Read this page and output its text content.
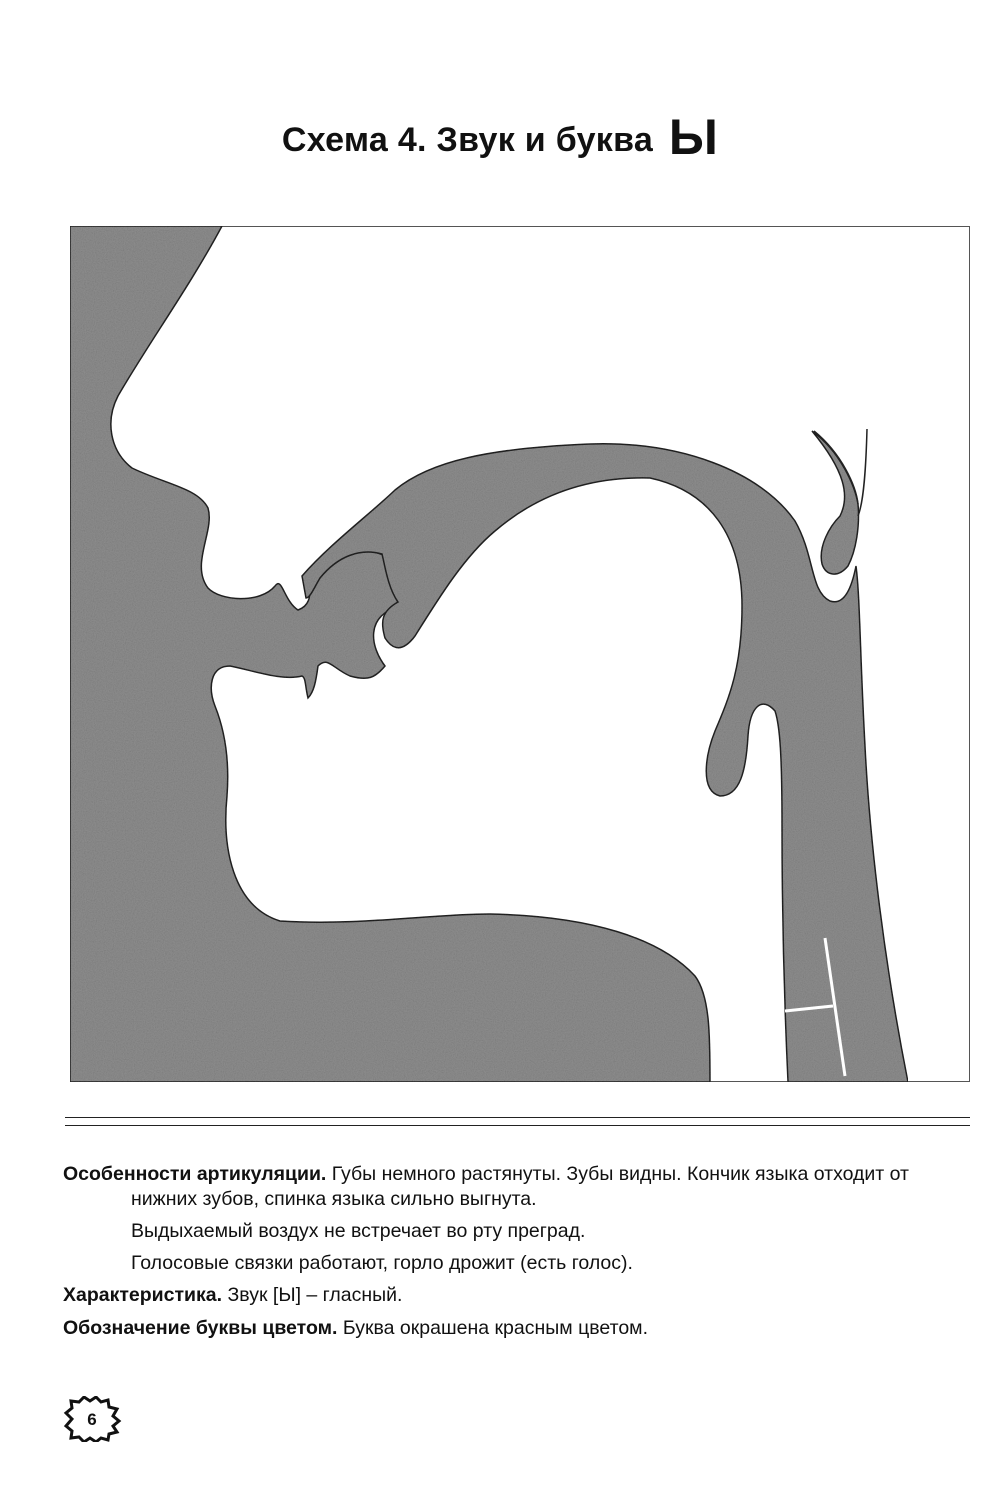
Схема 4. Звук и буква Ы

Особенности артикуляции. Губы немного растянуты. Зубы видны. Кончик языка отходит от нижних зубов, спинка языка сильно выгнута.

Выдыхаемый воздух не встречает во рту преград.

Голосовые связки работают, горло дрожит (есть голос).

Характеристика. Звук [Ы] – гласный.

Обозначение буквы цветом. Буква окрашена красным цветом.

6
